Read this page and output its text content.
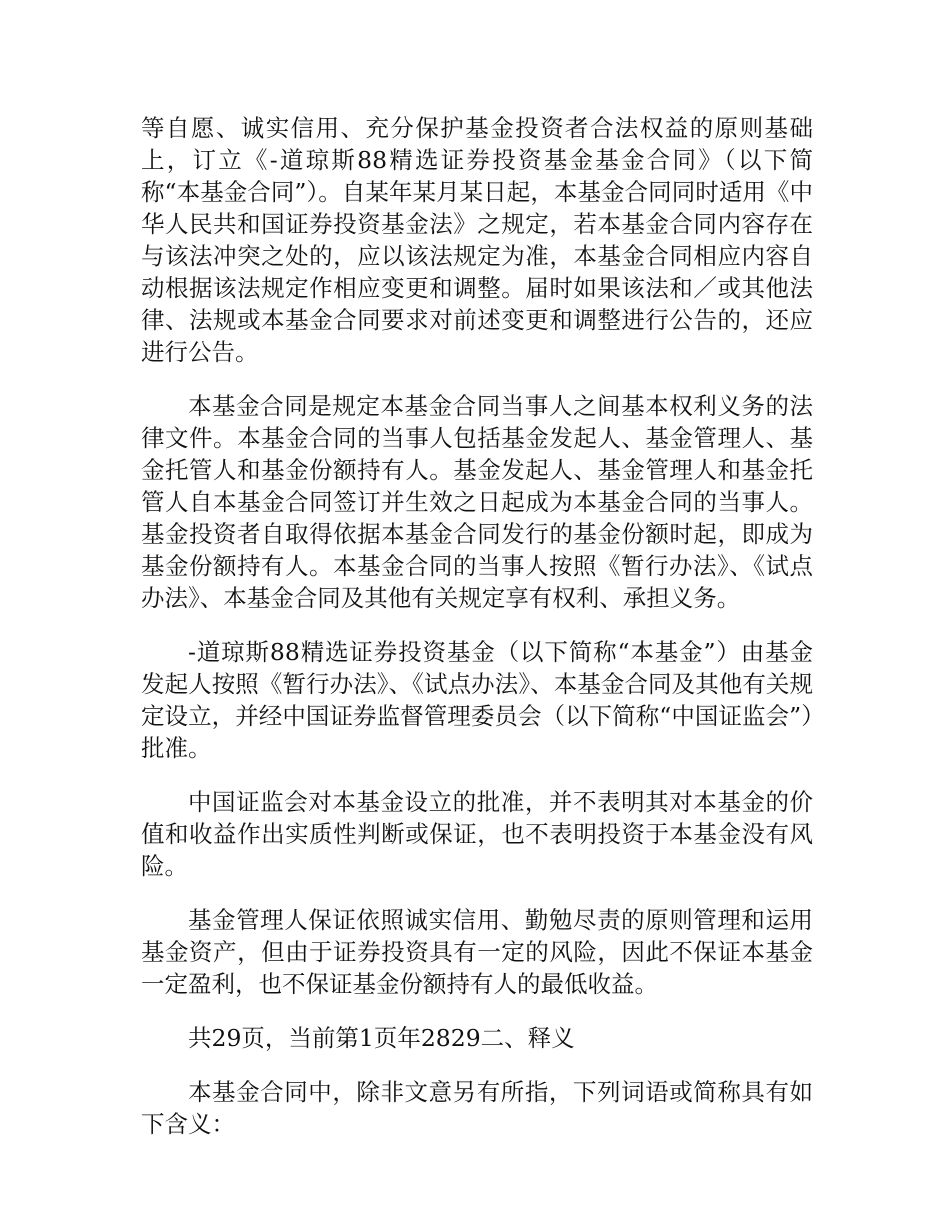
等自愿、诚实信用、充分保护基金投资者合法权益的原则基础上，订立《-道琼斯88精选证券投资基金基金合同》（以下简称“本基金合同”）。自某年某月某日起，本基金合同同时适用《中华人民共和国证券投资基金法》之规定，若本基金合同内容存在与该法冲突之处的，应以该法规定为准，本基金合同相应内容自动根据该法规定作相应变更和调整。届时如果该法和／或其他法律、法规或本基金合同要求对前述变更和调整进行公告的，还应进行公告。

本基金合同是规定本基金合同当事人之间基本权利义务的法律文件。本基金合同的当事人包括基金发起人、基金管理人、基金托管人和基金份额持有人。基金发起人、基金管理人和基金托管人自本基金合同签订并生效之日起成为本基金合同的当事人。基金投资者自取得依据本基金合同发行的基金份额时起，即成为基金份额持有人。本基金合同的当事人按照《暂行办法》、《试点办法》、本基金合同及其他有关规定享有权利、承担义务。

-道琼斯88精选证券投资基金（以下简称“本基金”）由基金发起人按照《暂行办法》、《试点办法》、本基金合同及其他有关规定设立，并经中国证券监督管理委员会（以下简称“中国证监会”）批准。

中国证监会对本基金设立的批准，并不表明其对本基金的价值和收益作出实质性判断或保证，也不表明投资于本基金没有风险。

基金管理人保证依照诚实信用、勤勉尽责的原则管理和运用基金资产，但由于证券投资具有一定的风险，因此不保证本基金一定盈利，也不保证基金份额持有人的最低收益。

共29页，当前第1页年2829二、释义

本基金合同中，除非文意另有所指，下列词语或简称具有如下含义：
